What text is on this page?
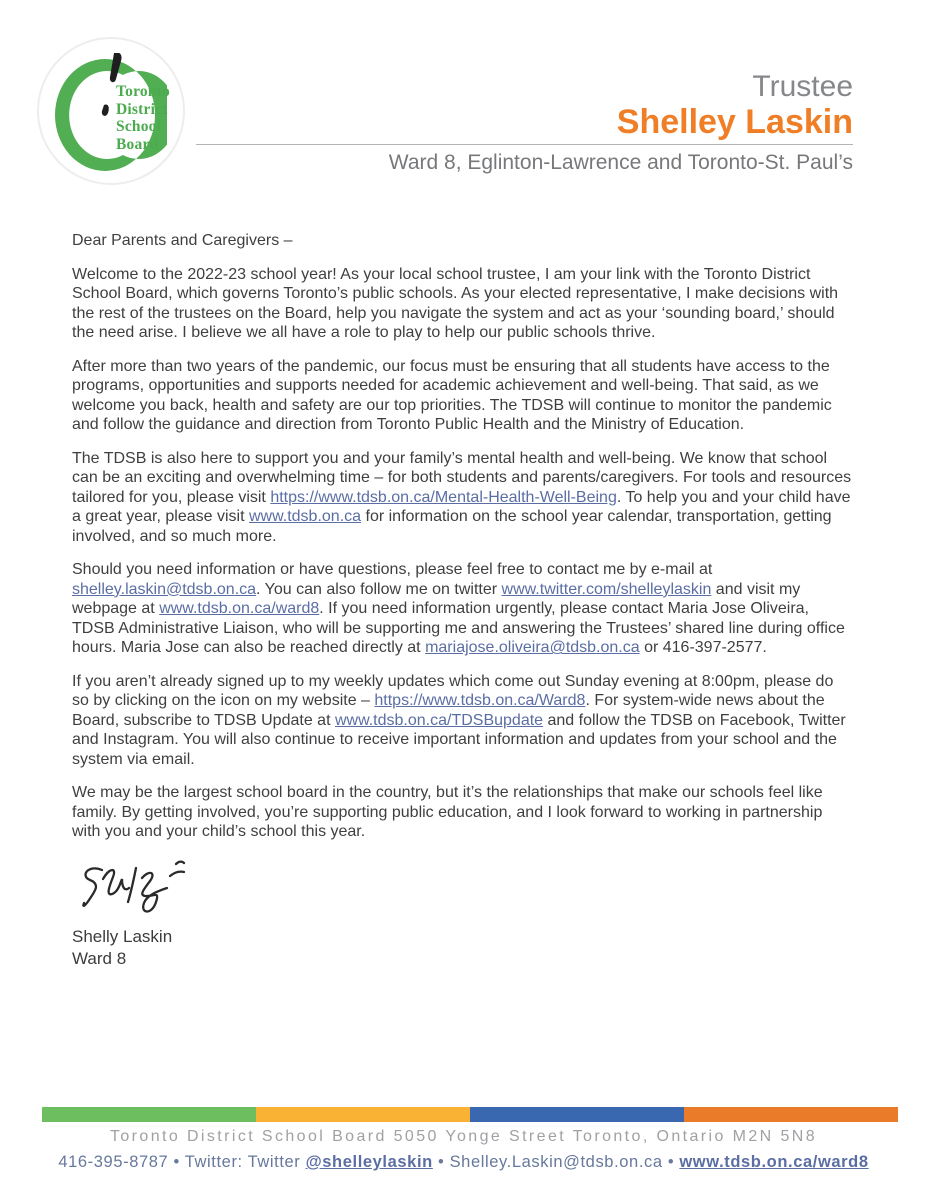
Toronto
District
School
Board
Trustee
Shelley Laskin
Ward 8, Eglinton-Lawrence and Toronto-St. Paul’s

Dear Parents and Caregivers –

Welcome to the 2022-23 school year! As your local school trustee, I am your link with the Toronto District School Board, which governs Toronto’s public schools. As your elected representative, I make decisions with the rest of the trustees on the Board, help you navigate the system and act as your ‘sounding board,’ should the need arise. I believe we all have a role to play to help our public schools thrive.

After more than two years of the pandemic, our focus must be ensuring that all students have access to the programs, opportunities and supports needed for academic achievement and well-being. That said, as we welcome you back, health and safety are our top priorities. The TDSB will continue to monitor the pandemic and follow the guidance and direction from Toronto Public Health and the Ministry of Education.

The TDSB is also here to support you and your family’s mental health and well-being. We know that school can be an exciting and overwhelming time – for both students and parents/caregivers. For tools and resources tailored for you, please visit https://www.tdsb.on.ca/Mental-Health-Well-Being. To help you and your child have a great year, please visit www.tdsb.on.ca for information on the school year calendar, transportation, getting involved, and so much more.

Should you need information or have questions, please feel free to contact me by e-mail at shelley.laskin@tdsb.on.ca. You can also follow me on twitter www.twitter.com/shelleylaskin and visit my webpage at www.tdsb.on.ca/ward8. If you need information urgently, please contact Maria Jose Oliveira, TDSB Administrative Liaison, who will be supporting me and answering the Trustees’ shared line during office hours. Maria Jose can also be reached directly at mariajose.oliveira@tdsb.on.ca or 416-397-2577.

If you aren’t already signed up to my weekly updates which come out Sunday evening at 8:00pm, please do so by clicking on the icon on my website – https://www.tdsb.on.ca/Ward8. For system-wide news about the Board, subscribe to TDSB Update at www.tdsb.on.ca/TDSBupdate and follow the TDSB on Facebook, Twitter and Instagram. You will also continue to receive important information and updates from your school and the system via email.

We may be the largest school board in the country, but it’s the relationships that make our schools feel like family. By getting involved, you’re supporting public education, and I look forward to working in partnership with you and your child’s school this year.

Shelly Laskin
Ward 8
Toronto District School Board 5050 Yonge Street Toronto, Ontario M2N 5N8
416-395-8787 • Twitter: Twitter @shelleylaskin • Shelley.Laskin@tdsb.on.ca • www.tdsb.on.ca/ward8
